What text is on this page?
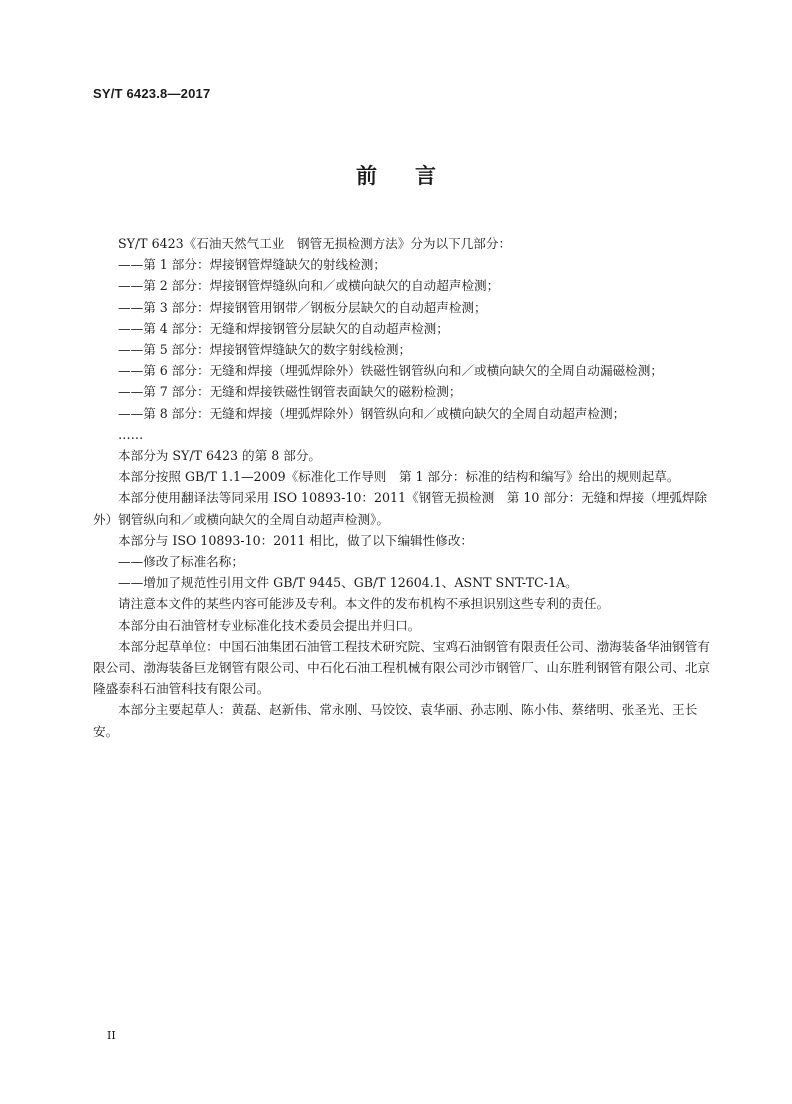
SY/T 6423.8—2017
前言

SY/T 6423《石油天然气工业　钢管无损检测方法》分为以下几部分：

——第 1 部分：焊接钢管焊缝缺欠的射线检测；

——第 2 部分：焊接钢管焊缝纵向和／或横向缺欠的自动超声检测；

——第 3 部分：焊接钢管用钢带／钢板分层缺欠的自动超声检测；

——第 4 部分：无缝和焊接钢管分层缺欠的自动超声检测；

——第 5 部分：焊接钢管焊缝缺欠的数字射线检测；

——第 6 部分：无缝和焊接（埋弧焊除外）铁磁性钢管纵向和／或横向缺欠的全周自动漏磁检测；

——第 7 部分：无缝和焊接铁磁性钢管表面缺欠的磁粉检测；

——第 8 部分：无缝和焊接（埋弧焊除外）钢管纵向和／或横向缺欠的全周自动超声检测；

……

本部分为 SY/T 6423 的第 8 部分。

本部分按照 GB/T 1.1—2009《标准化工作导则　第 1 部分：标准的结构和编写》给出的规则起草。

本部分使用翻译法等同采用 ISO 10893-10：2011《钢管无损检测　第 10 部分：无缝和焊接（埋弧焊除外）钢管纵向和／或横向缺欠的全周自动超声检测》。

本部分与 ISO 10893-10：2011 相比，做了以下编辑性修改：

——修改了标准名称；

——增加了规范性引用文件 GB/T 9445、GB/T 12604.1、ASNT SNT-TC-1A。

请注意本文件的某些内容可能涉及专利。本文件的发布机构不承担识别这些专利的责任。

本部分由石油管材专业标准化技术委员会提出并归口。

本部分起草单位：中国石油集团石油管工程技术研究院、宝鸡石油钢管有限责任公司、渤海装备华油钢管有限公司、渤海装备巨龙钢管有限公司、中石化石油工程机械有限公司沙市钢管厂、山东胜利钢管有限公司、北京隆盛泰科石油管科技有限公司。

本部分主要起草人：黄磊、赵新伟、常永刚、马饺饺、袁华丽、孙志刚、陈小伟、蔡绪明、张圣光、王长安。

II
